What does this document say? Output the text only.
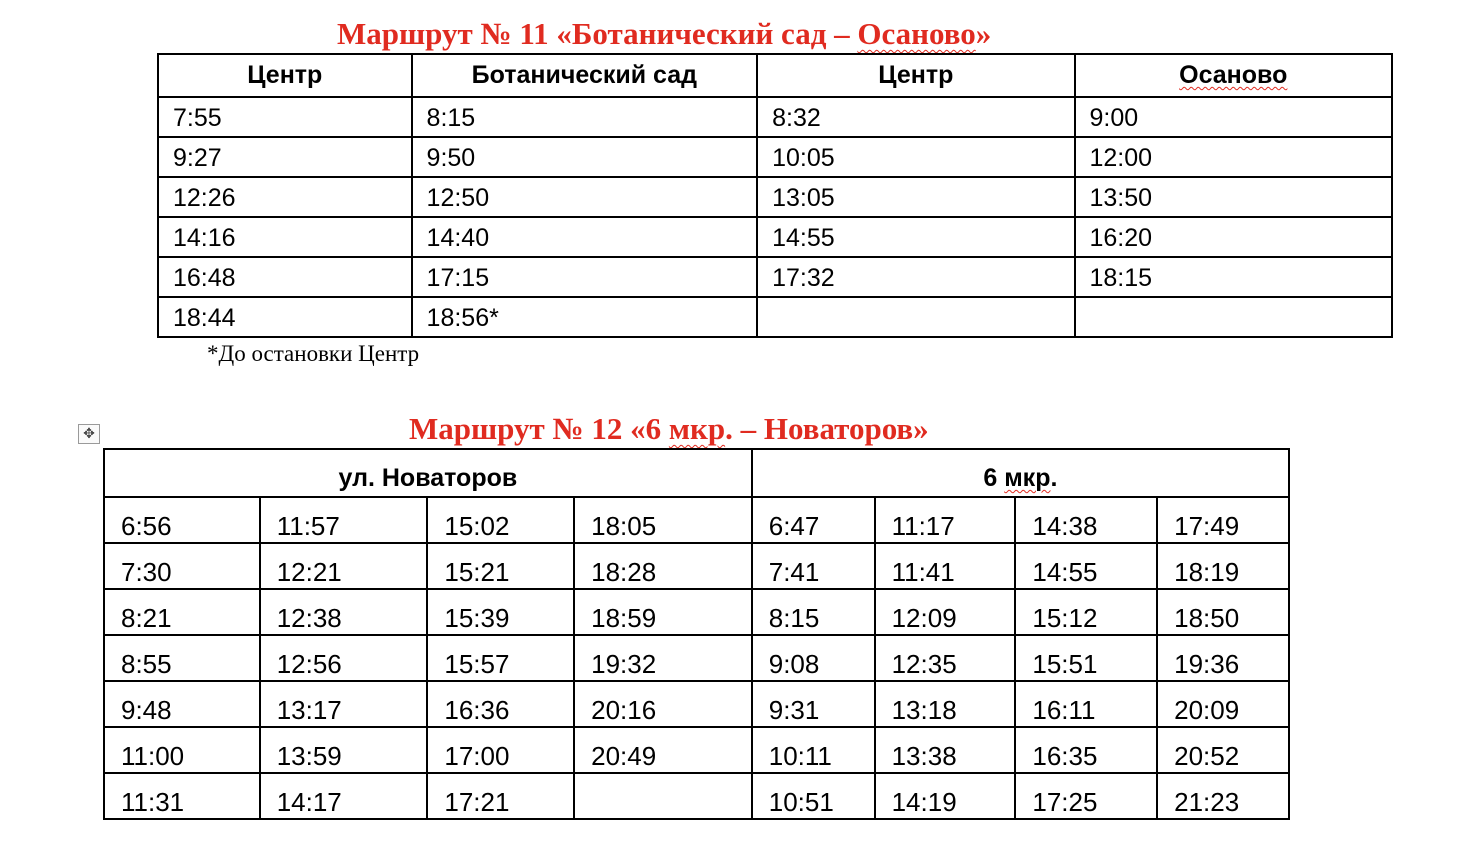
Маршрут № 11 «Ботанический сад – Осаново»
Центр	Ботанический сад	Центр	Осаново
7:55	8:15	8:32	9:00
9:27	9:50	10:05	12:00
12:26	12:50	13:05	13:50
14:16	14:40	14:55	16:20
16:48	17:15	17:32	18:15
18:44	18:56*		

*До остановки Центр

✥	Маршрут № 12 «6 мкр. – Новаторов»
ул. Новаторов				6 мкр.			
6:56	11:57	15:02	18:05	6:47	11:17	14:38	17:49
7:30	12:21	15:21	18:28	7:41	11:41	14:55	18:19
8:21	12:38	15:39	18:59	8:15	12:09	15:12	18:50
8:55	12:56	15:57	19:32	9:08	12:35	15:51	19:36
9:48	13:17	16:36	20:16	9:31	13:18	16:11	20:09
11:00	13:59	17:00	20:49	10:11	13:38	16:35	20:52
11:31	14:17	17:21		10:51	14:19	17:25	21:23
